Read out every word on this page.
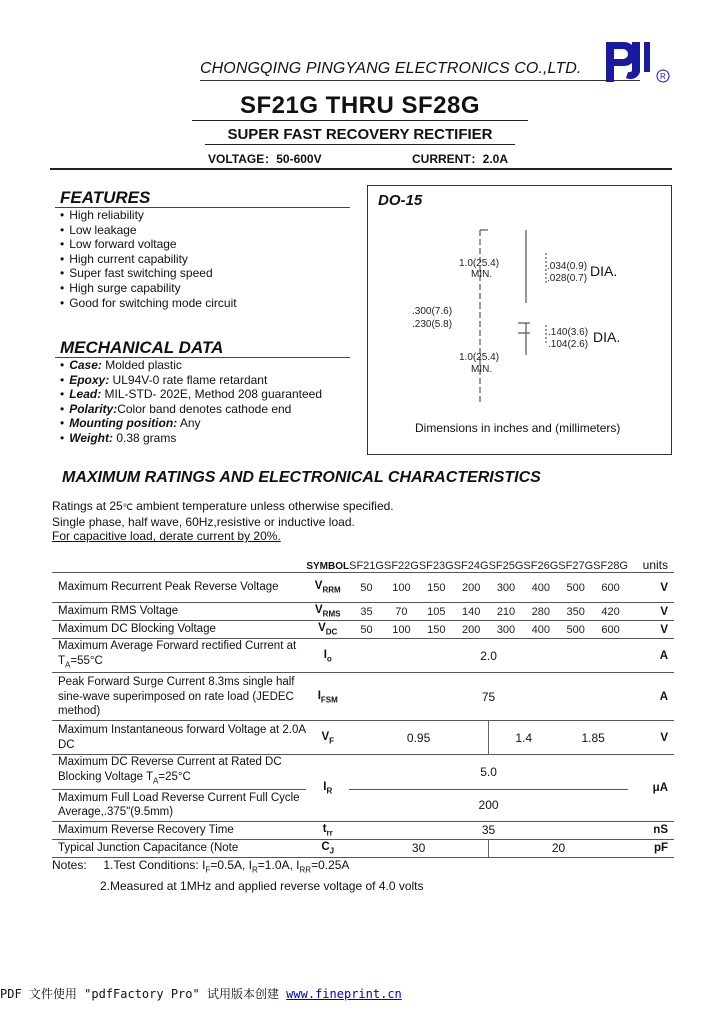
CHONGQING PINGYANG ELECTRONICS CO.,LTD.	R
SF21G THRU SF28G
SUPER FAST RECOVERY RECTIFIER
VOLTAGE：50-600V	CURRENT：2.0A
FEATURES
• High reliability
• Low leakage
• Low forward voltage
• High current capability
• Super fast switching speed
• High surge capability
• Good for switching mode circuit
MECHANICAL DATA
• Case: Molded plastic
• Epoxy: UL94V-0 rate flame retardant
• Lead: MIL-STD- 202E, Method 208 guaranteed
• Polarity:Color band denotes cathode end
• Mounting position: Any
• Weight: 0.38 grams
DO-15
1.0(25.4)
MIN.
.034(0.9)
.028(0.7) DIA.
.300(7.6)
.230(5.8)
.140(3.6)
.104(2.6) DIA.
1.0(25.4)
MIN.
Dimensions in inches and (millimeters)
MAXIMUM RATINGS AND ELECTRONICAL CHARACTERISTICS
Ratings at 25℃ ambient temperature unless otherwise specified.
Single phase, half wave, 60Hz,resistive or inductive load.
For capacitive load, derate current by 20%.
	SYMBOL	SF21G	SF22G	SF23G	SF24G	SF25G	SF26G	SF27G	SF28G	units
Maximum Recurrent Peak Reverse Voltage	$V_{RRM}$	50	100	150	200	300	400	500	600	V
Maximum RMS Voltage	$V_{RMS}$	35	70	105	140	210	280	350	420	V
Maximum DC Blocking Voltage	$V_{DC}$	50	100	150	200	300	400	500	600	V
Maximum Average Forward rectified Current at $T_A=55^\circ C$	$I_o$	2.0								A
Peak Forward Surge Current 8.3ms single half sine-wave superimposed on rate load (JEDEC method)	$I_{FSM}$	75								A
Maximum Instantaneous forward Voltage at 2.0A DC	$V_F$	0.95				1.4		1.85		V
Maximum DC Reverse Current at Rated DC Blocking Voltage $T_A=25^\circ C$	$I_R$	5.0								μA
Maximum Full Load Reverse Current Full Cycle Average,.375"(9.5mm)		200								
Maximum Reverse Recovery Time	$t_{rr}$	35								nS
Typical Junction Capacitance (Note	$C_J$	30				20				pF
Notes: 1.Test Conditions: $I_F=0.5A$, $I_R=1.0A$, $I_{RR}=0.25A$
2.Measured at 1MHz and applied reverse voltage of 4.0 volts
PDF 文件使用 "pdfFactory Pro" 试用版本创建 www.fineprint.cn
